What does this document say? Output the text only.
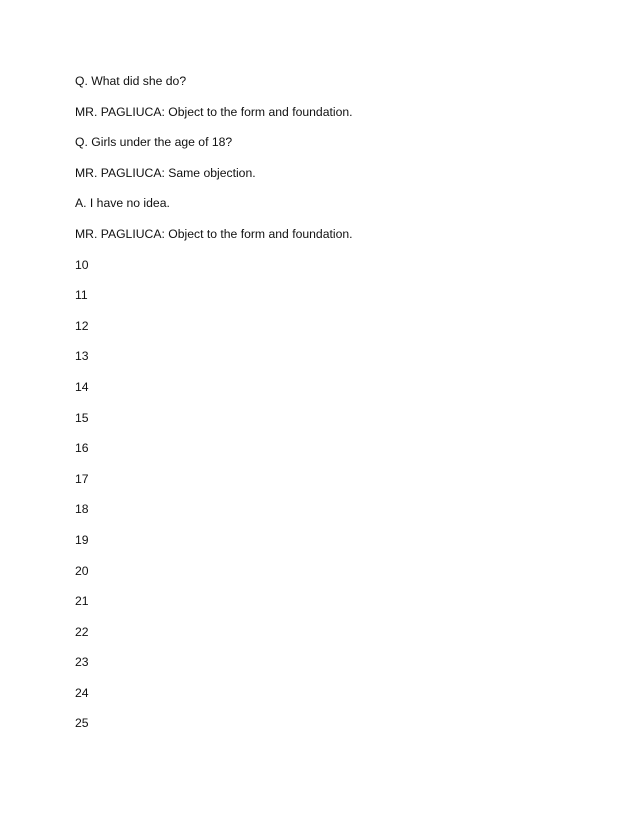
Q. What did she do?
MR. PAGLIUCA: Object to the form and foundation.
Q. Girls under the age of 18?
MR. PAGLIUCA: Same objection.
A. I have no idea.
MR. PAGLIUCA: Object to the form and foundation.
10
11
12
13
14
15
16
17
18
19
20
21
22
23
24
25
